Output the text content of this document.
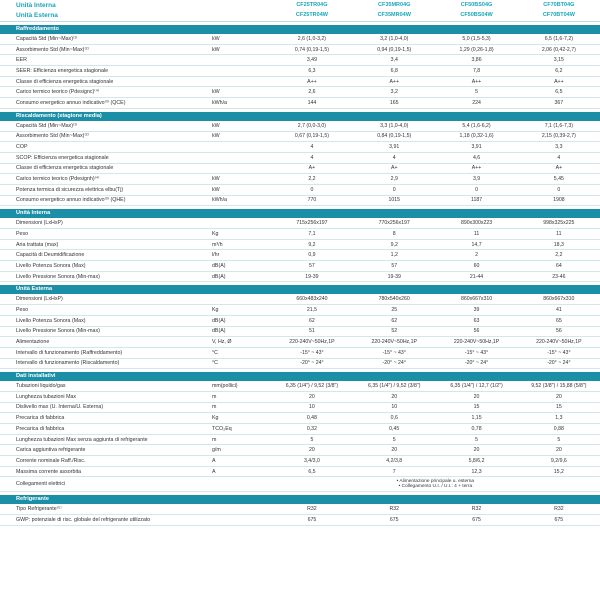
Unità Interna	CF25TR04G	CF35MR04G	CF50BS04G	CF70BT04G
Unità Esterna	CF25TR04W	CF35MR04W	CF50BS04W	CF70BT04W
Raffreddamento
Capacità Std (Min~Max)⁽¹⁾	kW	2,6 (1,0-3,2)	3,2 (1,0-4,0)	5,0 (1,5-5,3)	6,5 (1,6-7,2)
Assorbimento Std (Min~Max)⁽²⁾	kW	0,74 (0,19-1,5)	0,94 (0,19-1,5)	1,29 (0,26-1,8)	2,06 (0,42-2,7)
EER	3,49	3,4	3,86	3,15
SEER: Efficienza energetica stagionale	6,3	6,8	7,8	6,2
Classe di efficienza energetica stagionale	A++	A++	A++	A++
Carico termico teorico (Pdesignc)⁽⁴⁾	kW	2,6	3,2	5	6,5
Consumo energetico annuo indicativo⁽³⁾ (QCE)	kWh/a	144	165	224	367
Riscaldamento (stagione media)
Capacità Std (Min~Max)⁽¹⁾	kW	2,7 (0,0-3,0)	3,3 (1,0-4,0)	5,4 (1,6-6,2)	7,1 (1,6-7,3)
Assorbimento Std (Min~Max)⁽²⁾	kW	0,67 (0,19-1,5)	0,84 (0,19-1,5)	1,18 (0,32-1,6)	2,15 (0,39-2,7)
COP	4	3,91	3,91	3,3
SCOP: Efficienza energetica stagionale	4	4	4,6	4
Classe di efficienza energetica stagionale	A+	A+	A++	A+
Carico termico teorico (Pdesignh)⁽⁴⁾	kW	2,2	2,9	3,9	5,45
Potenza termica di sicurezza elettrica elbu(Tj)	kW	0	0	0	0
Consumo energetico annuo indicativo⁽³⁾ (QHE)	kWh/a	770	1015	1187	1908
Unità Interna
Dimensioni (LxHxP)	715x256x197	770x256x197	890x300x223	998x325x225
Peso	Kg	7,1	8	11	11
Aria trattata (max)	m³/h	9,2	9,2	14,7	18,3
Capacità di Deumidificazione	l/hr	0,9	1,2	2	2,2
Livello Potenza Sonora (Max)	dB(A)	57	57	60	64
Livello Pressione Sonora (Min-max)	dB(A)	19-39	19-39	21-44	23-46
Unità Esterna
Dimensioni (LxHxP)	660x483x240	780x540x260	860x667x310	860x667x310
Peso	Kg	21,5	25	39	41
Livello Potenza Sonora (Max)	dB(A)	62	62	63	65
Livello Pressione Sonora (Min-max)	dB(A)	51	52	56	56
Alimentazione	V, Hz, Ø	220-240V~50Hz,1P	220-240V~50Hz,1P	220-240V~50Hz,1P	220-240V~50Hz,1P
Intervallo di funzionamento (Raffreddamento)	°C	-15° ~ 43°	-15° ~ 43°	-15° ~ 43°	-15° ~ 43°
Intervallo di funzionamento (Riscaldamento)	°C	-20° ~ 24°	-20° ~ 24°	-20° ~ 24°	-20° ~ 24°
Dati installativi
Tubazioni liquido/gas	mm(pollici)	6,35 (1/4") / 9,52 (3/8")	6,35 (1/4") / 9,52 (3/8")	6,35 (1/4") / 12,7 (1/2")	9,52 (3/8") / 15,88 (5/8")
Lunghezza tubazioni Max	m	20	20	20	20
Dislivello max (U. Interna/U. Esterna)	m	10	10	15	15
Precarica di fabbrica	Kg	0,48	0,6	1,15	1,3
Precarica di fabbrica	TCO₂Eq	0,32	0,45	0,78	0,88
Lunghezza tubazioni Max senza aggiunta di refrigerante	m	5	5	5	5
Carica aggiuntiva refrigerante	g/m	20	20	20	20
Corrente nominale Raff./Risc.	A	3,4/3,0	4,2/3,8	5,8/6,2	9,2/9,6
Massima corrente assorbita	A	6,5	7	12,3	15,2
Collegamenti elettrici
• Alimentazione principale u. esterna
• Collegamento U.I. / U.I.: 4 + terra
Refrigerante
Tipo Refrigerante⁽⁵⁾	R32	R32	R32	R32
GWP: potenziale di risc. globale del refrigerante utilizzato	675	675	675	675
